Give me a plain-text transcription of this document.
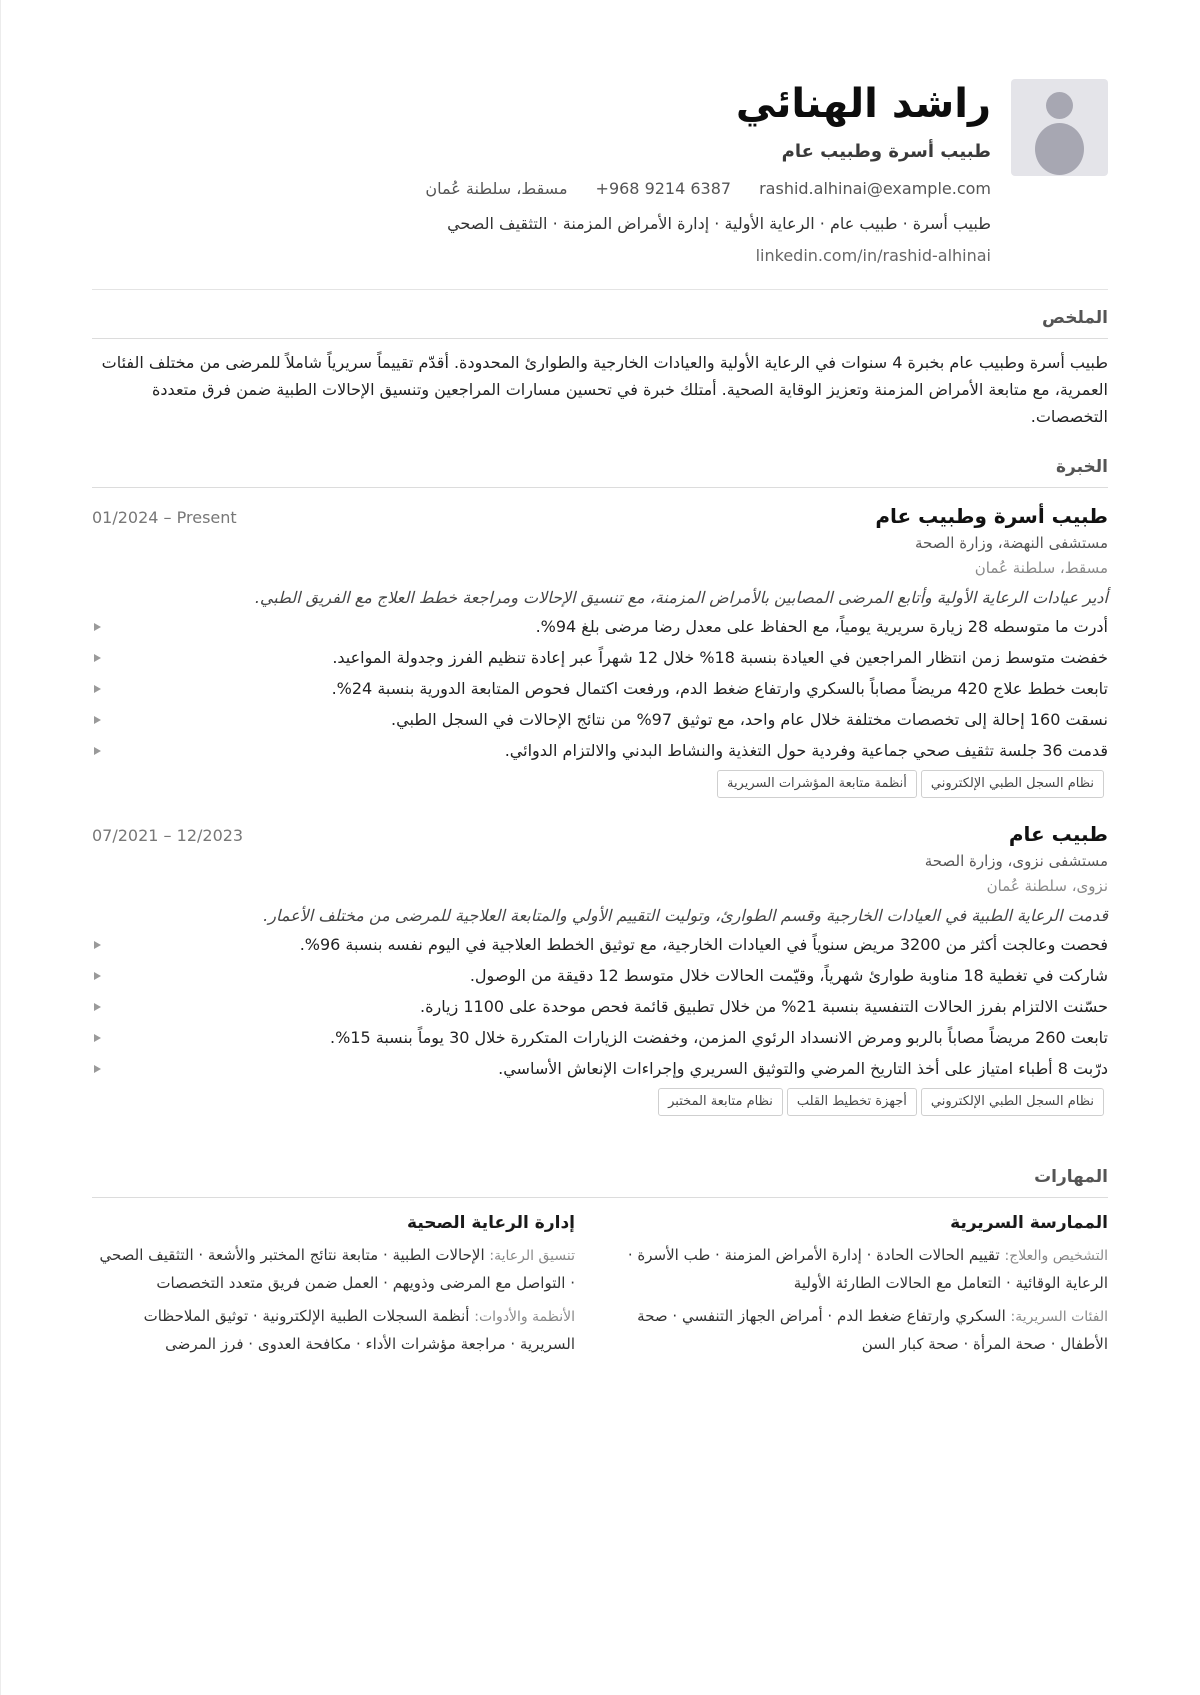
راشد الهنائي
طبيب أسرة وطبيب عام
rashid.alhinai@example.com
+968 9214 6387
مسقط، سلطنة عُمان
طبيب أسرة · طبيب عام · الرعاية الأولية · إدارة الأمراض المزمنة · التثقيف الصحي
linkedin.com/in/rashid-alhinai
الملخص

طبيب أسرة وطبيب عام بخبرة 4 سنوات في الرعاية الأولية والعيادات الخارجية والطوارئ المحدودة. أقدّم تقييماً سريرياً شاملاً للمرضى من مختلف الفئات العمرية، مع متابعة الأمراض المزمنة وتعزيز الوقاية الصحية. أمتلك خبرة في تحسين مسارات المراجعين وتنسيق الإحالات الطبية ضمن فرق متعددة التخصصات.

الخبرة
طبيب أسرة وطبيب عام
01/2024 – Present
مستشفى النهضة، وزارة الصحة
مسقط، سلطنة عُمان
أدير عيادات الرعاية الأولية وأتابع المرضى المصابين بالأمراض المزمنة، مع تنسيق الإحالات ومراجعة خطط العلاج مع الفريق الطبي.
أدرت ما متوسطه 28 زيارة سريرية يومياً، مع الحفاظ على معدل رضا مرضى بلغ 94%.
خفضت متوسط زمن انتظار المراجعين في العيادة بنسبة 18% خلال 12 شهراً عبر إعادة تنظيم الفرز وجدولة المواعيد.
تابعت خطط علاج 420 مريضاً مصاباً بالسكري وارتفاع ضغط الدم، ورفعت اكتمال فحوص المتابعة الدورية بنسبة 24%.
نسقت 160 إحالة إلى تخصصات مختلفة خلال عام واحد، مع توثيق 97% من نتائج الإحالات في السجل الطبي.
قدمت 36 جلسة تثقيف صحي جماعية وفردية حول التغذية والنشاط البدني والالتزام الدوائي.
نظام السجل الطبي الإلكتروني
أنظمة متابعة المؤشرات السريرية
طبيب عام
07/2021 – 12/2023
مستشفى نزوى، وزارة الصحة
نزوى، سلطنة عُمان
قدمت الرعاية الطبية في العيادات الخارجية وقسم الطوارئ، وتوليت التقييم الأولي والمتابعة العلاجية للمرضى من مختلف الأعمار.
فحصت وعالجت أكثر من 3200 مريض سنوياً في العيادات الخارجية، مع توثيق الخطط العلاجية في اليوم نفسه بنسبة 96%.
شاركت في تغطية 18 مناوبة طوارئ شهرياً، وقيّمت الحالات خلال متوسط 12 دقيقة من الوصول.
حسّنت الالتزام بفرز الحالات التنفسية بنسبة 21% من خلال تطبيق قائمة فحص موحدة على 1100 زيارة.
تابعت 260 مريضاً مصاباً بالربو ومرض الانسداد الرئوي المزمن، وخفضت الزيارات المتكررة خلال 30 يوماً بنسبة 15%.
درّبت 8 أطباء امتياز على أخذ التاريخ المرضي والتوثيق السريري وإجراءات الإنعاش الأساسي.
نظام السجل الطبي الإلكتروني
أجهزة تخطيط القلب
نظام متابعة المختبر
المهارات
الممارسة السريرية
التشخيص والعلاج: تقييم الحالات الحادة · إدارة الأمراض المزمنة · طب الأسرة · الرعاية الوقائية · التعامل مع الحالات الطارئة الأولية
الفئات السريرية: السكري وارتفاع ضغط الدم · أمراض الجهاز التنفسي · صحة الأطفال · صحة المرأة · صحة كبار السن
إدارة الرعاية الصحية
تنسيق الرعاية: الإحالات الطبية · متابعة نتائج المختبر والأشعة · التثقيف الصحي · التواصل مع المرضى وذويهم · العمل ضمن فريق متعدد التخصصات
الأنظمة والأدوات: أنظمة السجلات الطبية الإلكترونية · توثيق الملاحظات السريرية · مراجعة مؤشرات الأداء · مكافحة العدوى · فرز المرضى
